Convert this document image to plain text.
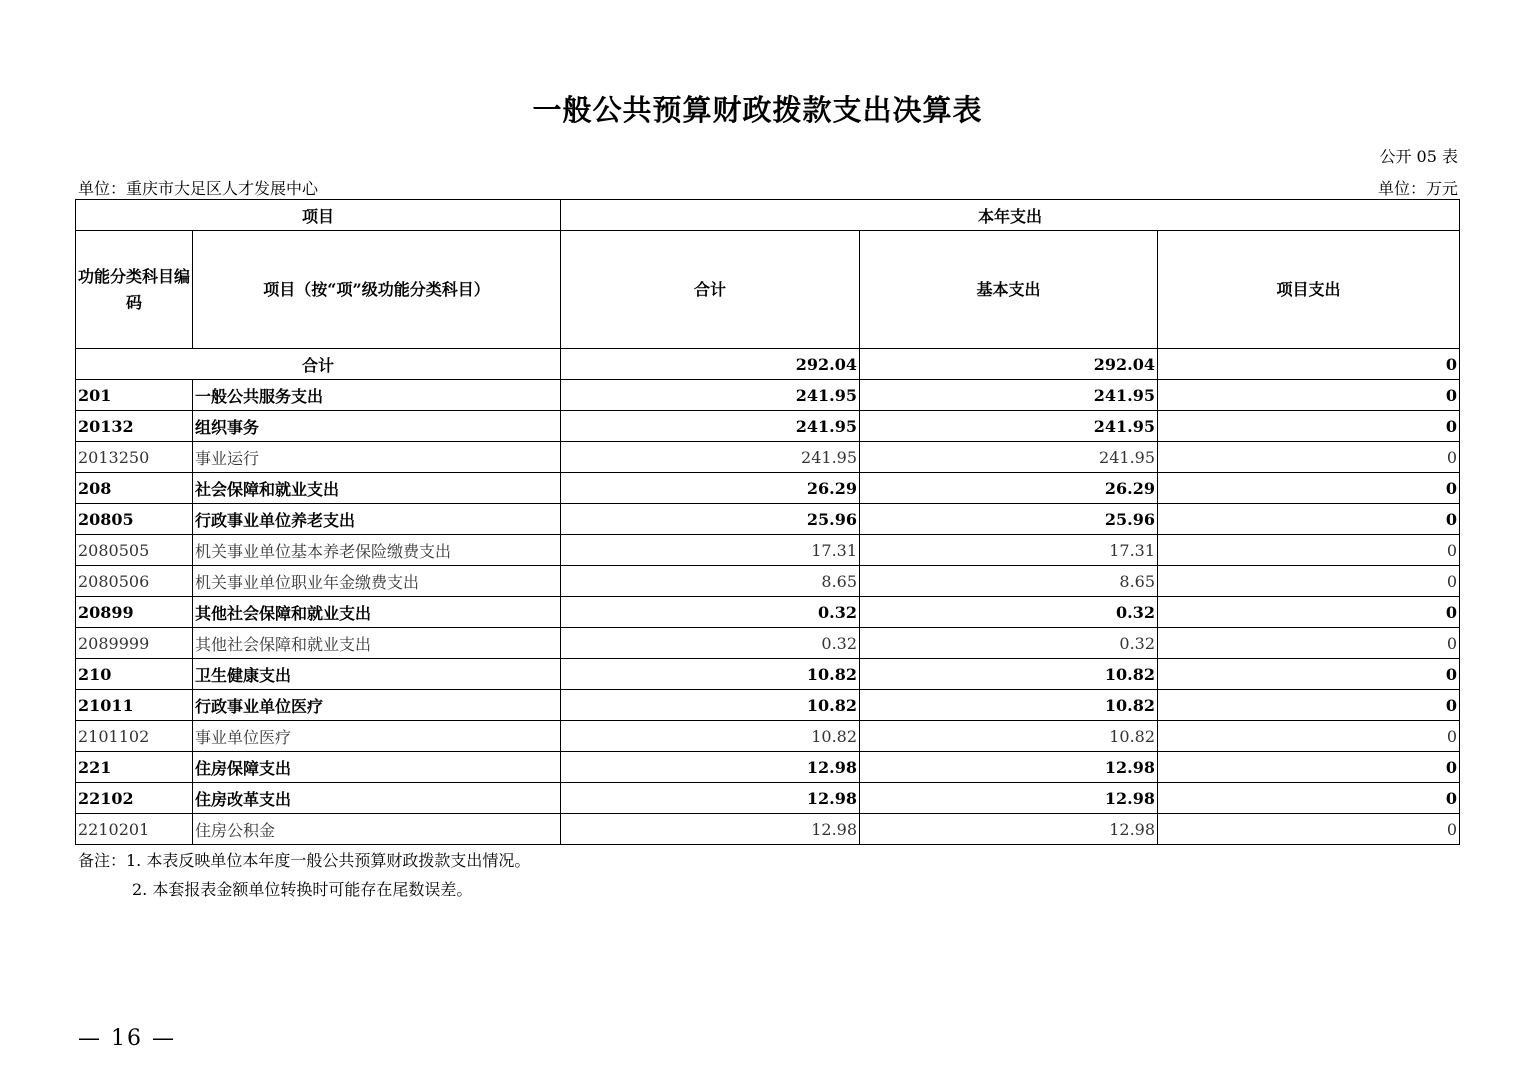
一般公共预算财政拨款支出决算表
公开 05 表
单位：重庆市大足区人才发展中心	单位：万元
项目		本年支出		
功能分类科目编码	项目（按“项”级功能分类科目）	合计	基本支出	项目支出
合计		292.04	292.04	0
201	一般公共服务支出	241.95	241.95	0
20132	组织事务	241.95	241.95	0
2013250	事业运行	241.95	241.95	0
208	社会保障和就业支出	26.29	26.29	0
20805	行政事业单位养老支出	25.96	25.96	0
2080505	机关事业单位基本养老保险缴费支出	17.31	17.31	0
2080506	机关事业单位职业年金缴费支出	8.65	8.65	0
20899	其他社会保障和就业支出	0.32	0.32	0
2089999	其他社会保障和就业支出	0.32	0.32	0
210	卫生健康支出	10.82	10.82	0
21011	行政事业单位医疗	10.82	10.82	0
2101102	事业单位医疗	10.82	10.82	0
221	住房保障支出	12.98	12.98	0
22102	住房改革支出	12.98	12.98	0
2210201	住房公积金	12.98	12.98	0
备注：1. 本表反映单位本年度一般公共预算财政拨款支出情况。
2. 本套报表金额单位转换时可能存在尾数误差。
— 16 —
